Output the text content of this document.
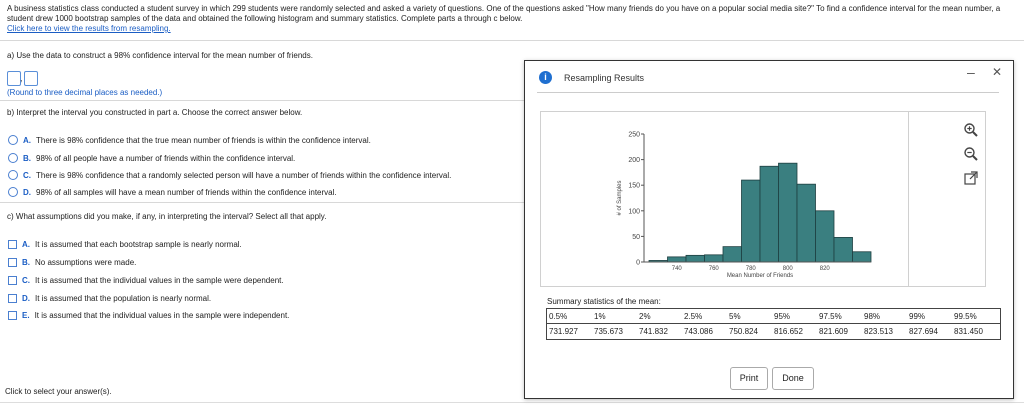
A business statistics class conducted a student survey in which 299 students were randomly selected and asked a variety of questions. One of the questions asked "How many friends do you have on a popular social media site?" To find a confidence interval for the mean number, a student drew 1000 bootstrap samples of the data and obtained the following histogram and summary statistics. Complete parts a through c below.
Click here to view the results from resampling.
a) Use the data to construct a 98% confidence interval for the mean number of friends.
,
(Round to three decimal places as needed.)
b) Interpret the interval you constructed in part a. Choose the correct answer below.
A. There is 98% confidence that the true mean number of friends is within the confidence interval.
B. 98% of all people have a number of friends within the confidence interval.
C. There is 98% confidence that a randomly selected person will have a number of friends within the confidence interval.
D. 98% of all samples will have a mean number of friends within the confidence interval.
c) What assumptions did you make, if any, in interpreting the interval? Select all that apply.
A. It is assumed that each bootstrap sample is nearly normal.
B. No assumptions were made.
C. It is assumed that the individual values in the sample were dependent.
D. It is assumed that the population is nearly normal.
E. It is assumed that the individual values in the sample were independent.
Click to select your answer(s).
i	Resampling Results	– ✕
0
50
100
150
200
250
# of Samples
740	760	780	800	820
Mean Number of Friends
Summary statistics of the mean:
0.5%	1%	2%	2.5%	5%	95%	97.5%	98%	99%	99.5%
731.927 735.673 741.832 743.086 750.824 816.652 821.609 823.513 827.694 831.450
Print	Done
